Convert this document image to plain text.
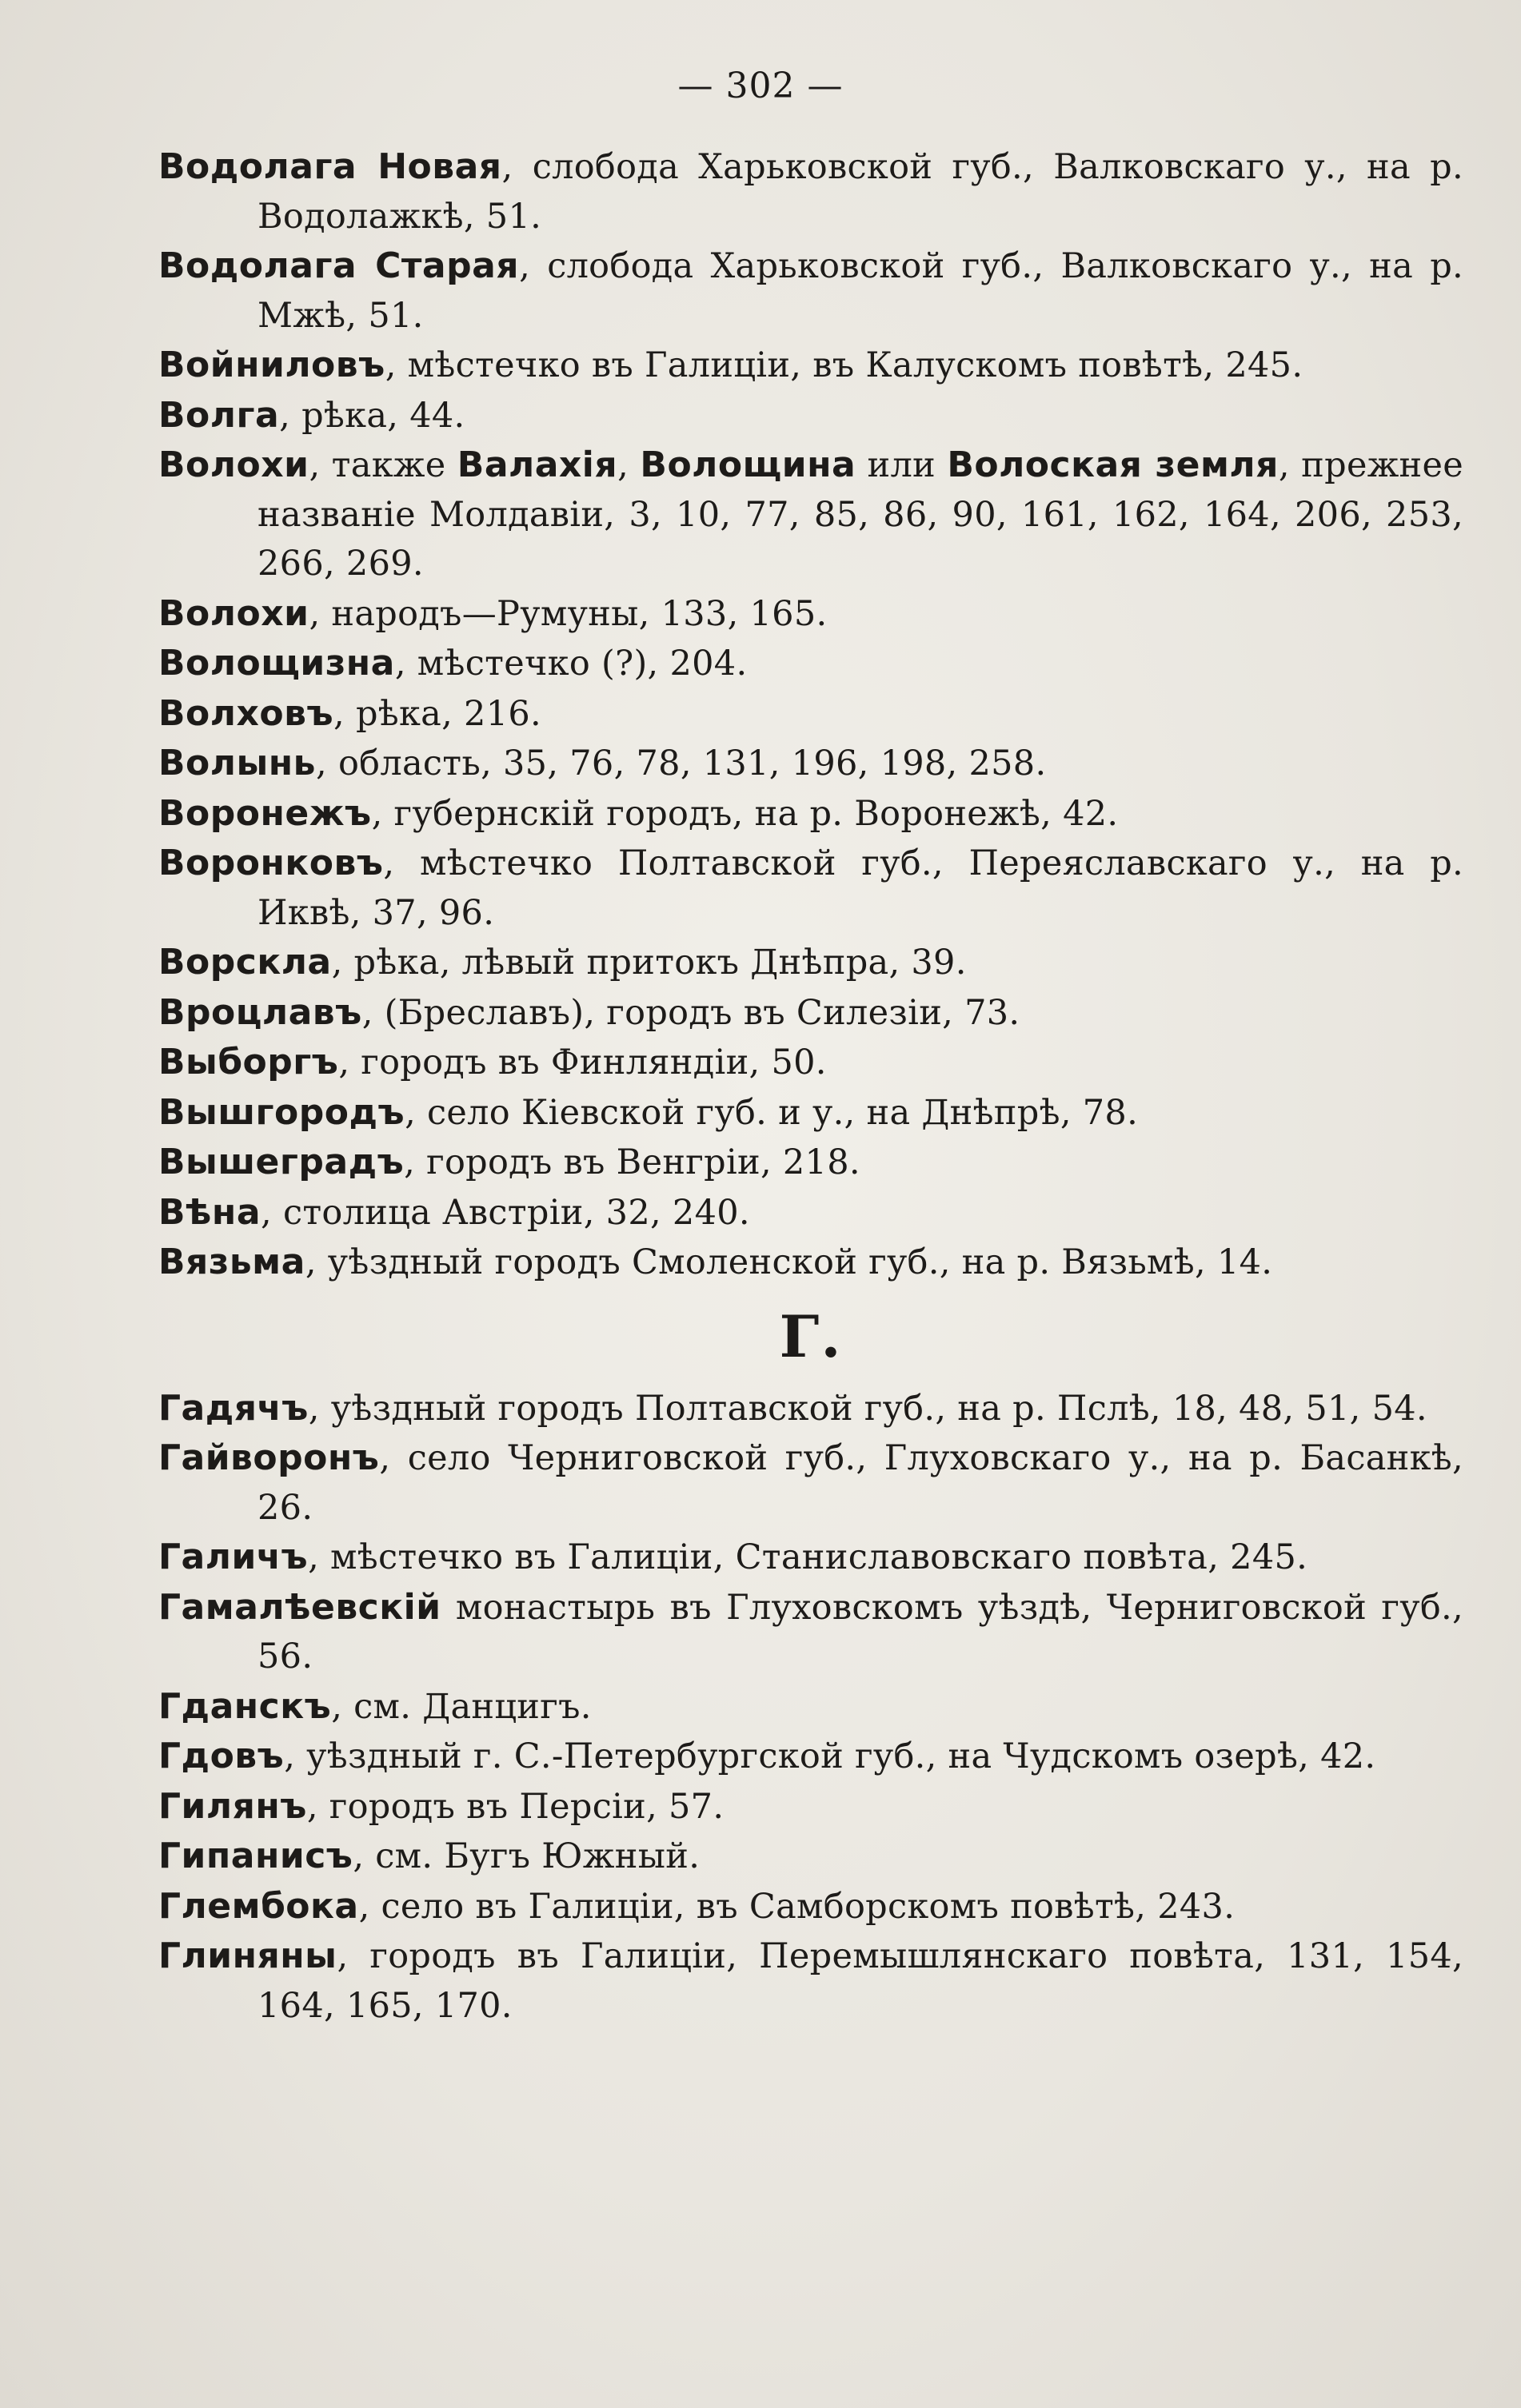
— 302 —

Водолага Новая, слобода Харьковской губ., Валковскаго у., на р. Водолажкѣ, 51.

Водолага Старая, слобода Харьковской губ., Валковскаго у., на р. Мжѣ, 51.

Войниловъ, мѣстечко въ Галиціи, въ Калускомъ повѣтѣ, 245.

Волга, рѣка, 44.

Волохи, также Валахія, Волощина или Волоская земля, прежнее названіе Молдавіи, 3, 10, 77, 85, 86, 90, 161, 162, 164, 206, 253, 266, 269.

Волохи, народъ—Румуны, 133, 165.

Волощизна, мѣстечко (?), 204.

Волховъ, рѣка, 216.

Волынь, область, 35, 76, 78, 131, 196, 198, 258.

Воронежъ, губернскій городъ, на р. Воронежѣ, 42.

Воронковъ, мѣстечко Полтавской губ., Переяславскаго у., на р. Иквѣ, 37, 96.

Ворскла, рѣка, лѣвый притокъ Днѣпра, 39.

Вроцлавъ, (Бреславъ), городъ въ Силезіи, 73.

Выборгъ, городъ въ Финляндіи, 50.

Вышгородъ, село Кіевской губ. и у., на Днѣпрѣ, 78.

Вышеградъ, городъ въ Венгріи, 218.

Вѣна, столица Австріи, 32, 240.

Вязьма, уѣздный городъ Смоленской губ., на р. Вязьмѣ, 14.

Г.

Гадячъ, уѣздный городъ Полтавской губ., на р. Пслѣ, 18, 48, 51, 54.

Гайворонъ, село Черниговской губ., Глуховскаго у., на р. Басанкѣ, 26.

Галичъ, мѣстечко въ Галиціи, Станиславовскаго повѣта, 245.

Гамалѣевскій монастырь въ Глуховскомъ уѣздѣ, Черниговской губ., 56.

Гданскъ, см. Данцигъ.

Гдовъ, уѣздный г. С.-Петербургской губ., на Чудскомъ озерѣ, 42.

Гилянъ, городъ въ Персіи, 57.

Гипанисъ, см. Бугъ Южный.

Глембока, село въ Галиціи, въ Самборскомъ повѣтѣ, 243.

Глиняны, городъ въ Галиціи, Перемышлянскаго повѣта, 131, 154, 164, 165, 170.
